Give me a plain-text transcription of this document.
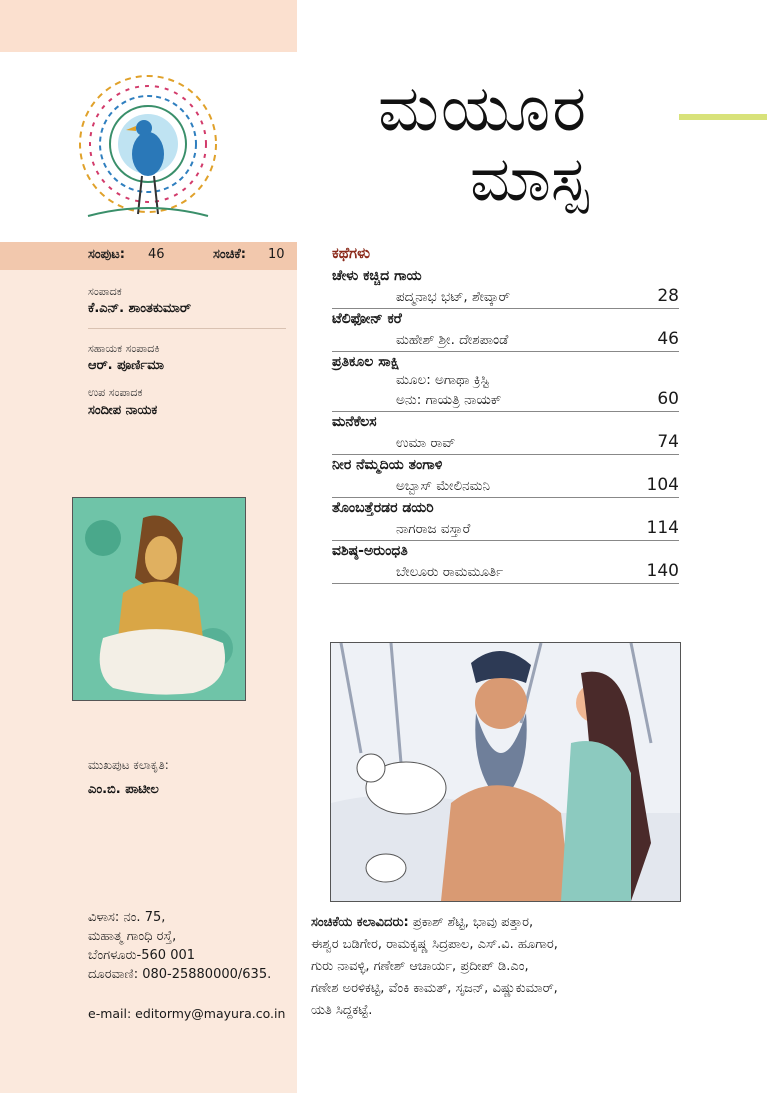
ಸಂಪುಟ: 46	ಸಂಚಿಕೆ: 10
ಸಂಪಾದಕ
ಕೆ.ಎನ್. ಶಾಂತಕುಮಾರ್
ಸಹಾಯಕ ಸಂಪಾದಕಿ
ಆರ್. ಪೂರ್ಣಿಮಾ
ಉಪ ಸಂಪಾದಕ
ಸಂದೀಪ ನಾಯಕ
ಮುಖಪುಟ ಕಲಾಕೃತಿ:
ಎಂ.ಬಿ. ಪಾಟೀಲ
ವಿಳಾಸ: ನಂ. 75,
ಮಹಾತ್ಮ ಗಾಂಧಿ ರಸ್ತೆ,
ಬೆಂಗಳೂರು-560 001
ದೂರವಾಣಿ: 080-25880000/635.
e-mail: editormy@mayura.co.in
ಮಯೂರ
ಮಾಸ್ಪ
ಕಥೆಗಳು
ಚೇಳು ಕಚ್ಚಿದ ಗಾಯ
ಪದ್ಮನಾಭ ಭಟ್, ಶೇವ್ಕಾರ್	28
ಟೆಲಿಫೋನ್ ಕರೆ
ಮಹೇಶ್ ಶ್ರೀ. ದೇಶಪಾಂಡೆ	46
ಪ್ರತಿಕೂಲ ಸಾಕ್ಷಿ
ಮೂಲ: ಅಗಾಥಾ ಕ್ರಿಸ್ಟಿ
ಅನು: ಗಾಯತ್ರಿ ನಾಯಕ್	60
ಮನೆಕೆಲಸ
ಉಮಾ ರಾವ್	74
ನೀರ ನೆಮ್ಮದಿಯ ತಂಗಾಳಿ
ಅಬ್ಬಾಸ್ ಮೇಲಿನಮನಿ	104
ತೊಂಬತ್ತೆರಡರ ಡಯರಿ
ನಾಗರಾಜ ವಸ್ತಾರೆ	114
ವಶಿಷ್ಠ-ಅರುಂಧತಿ
ಬೇಲೂರು ರಾಮಮೂರ್ತಿ	140
ಸಂಚಿಕೆಯ ಕಲಾವಿದರು: ಪ್ರಕಾಶ್ ಶೆಟ್ಟಿ, ಭಾವು ಪತ್ತಾರ,
ಈಶ್ವರ ಬಡಿಗೇರ, ರಾಮಕೃಷ್ಣ ಸಿದ್ರಪಾಲ, ಎಸ್.ವಿ. ಹೂಗಾರ,
ಗುರು ನಾವಳ್ಳಿ, ಗಣೇಶ್ ಆಚಾರ್ಯ, ಪ್ರದೀಪ್ ಡಿ.ಎಂ,
ಗಣೇಶ ಅರಳಿಕಟ್ಟಿ, ವೆಂಕಿ ಕಾಮತ್, ಸೃಜನ್, ವಿಷ್ಣುಕುಮಾರ್,
ಯತಿ ಸಿದ್ದಕಟ್ಟೆ.
